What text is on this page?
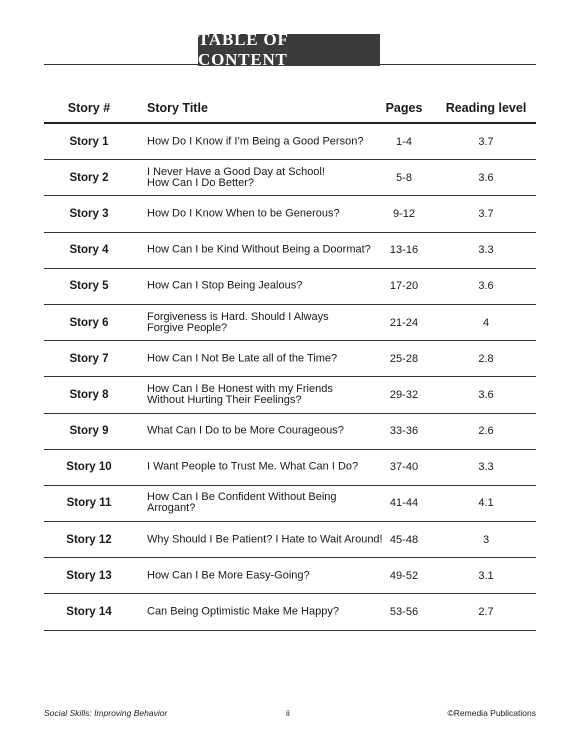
TABLE OF CONTENT
Story #	Story Title	Pages	Reading level
Story 1	How Do I Know if I’m Being a Good Person?	1-4	3.7
Story 2	I Never Have a Good Day at School!
How Can I Do Better?	5-8	3.6
Story 3	How Do I Know When to be Generous?	9-12	3.7
Story 4	How Can I be Kind Without Being a Doormat?	13-16	3.3
Story 5	How Can I Stop Being Jealous?	17-20	3.6
Story 6	Forgiveness is Hard. Should I Always
Forgive People?	21-24	4
Story 7	How Can I Not Be Late all of the Time?	25-28	2.8
Story 8	How Can I Be Honest with my Friends
Without Hurting Their Feelings?	29-32	3.6
Story 9	What Can I Do to be More Courageous?	33-36	2.6
Story 10	I Want People to Trust Me. What Can I Do?	37-40	3.3
Story 11	How Can I Be Confident Without Being Arrogant?	41-44	4.1
Story 12	Why Should I Be Patient? I Hate to Wait Around! 45-48	3
Story 13	How Can I Be More Easy-Going?	49-52	3.1
Story 14	Can Being Optimistic Make Me Happy?	53-56	2.7
Social Skills: Improving Behavior	ii	©Remedia Publications
